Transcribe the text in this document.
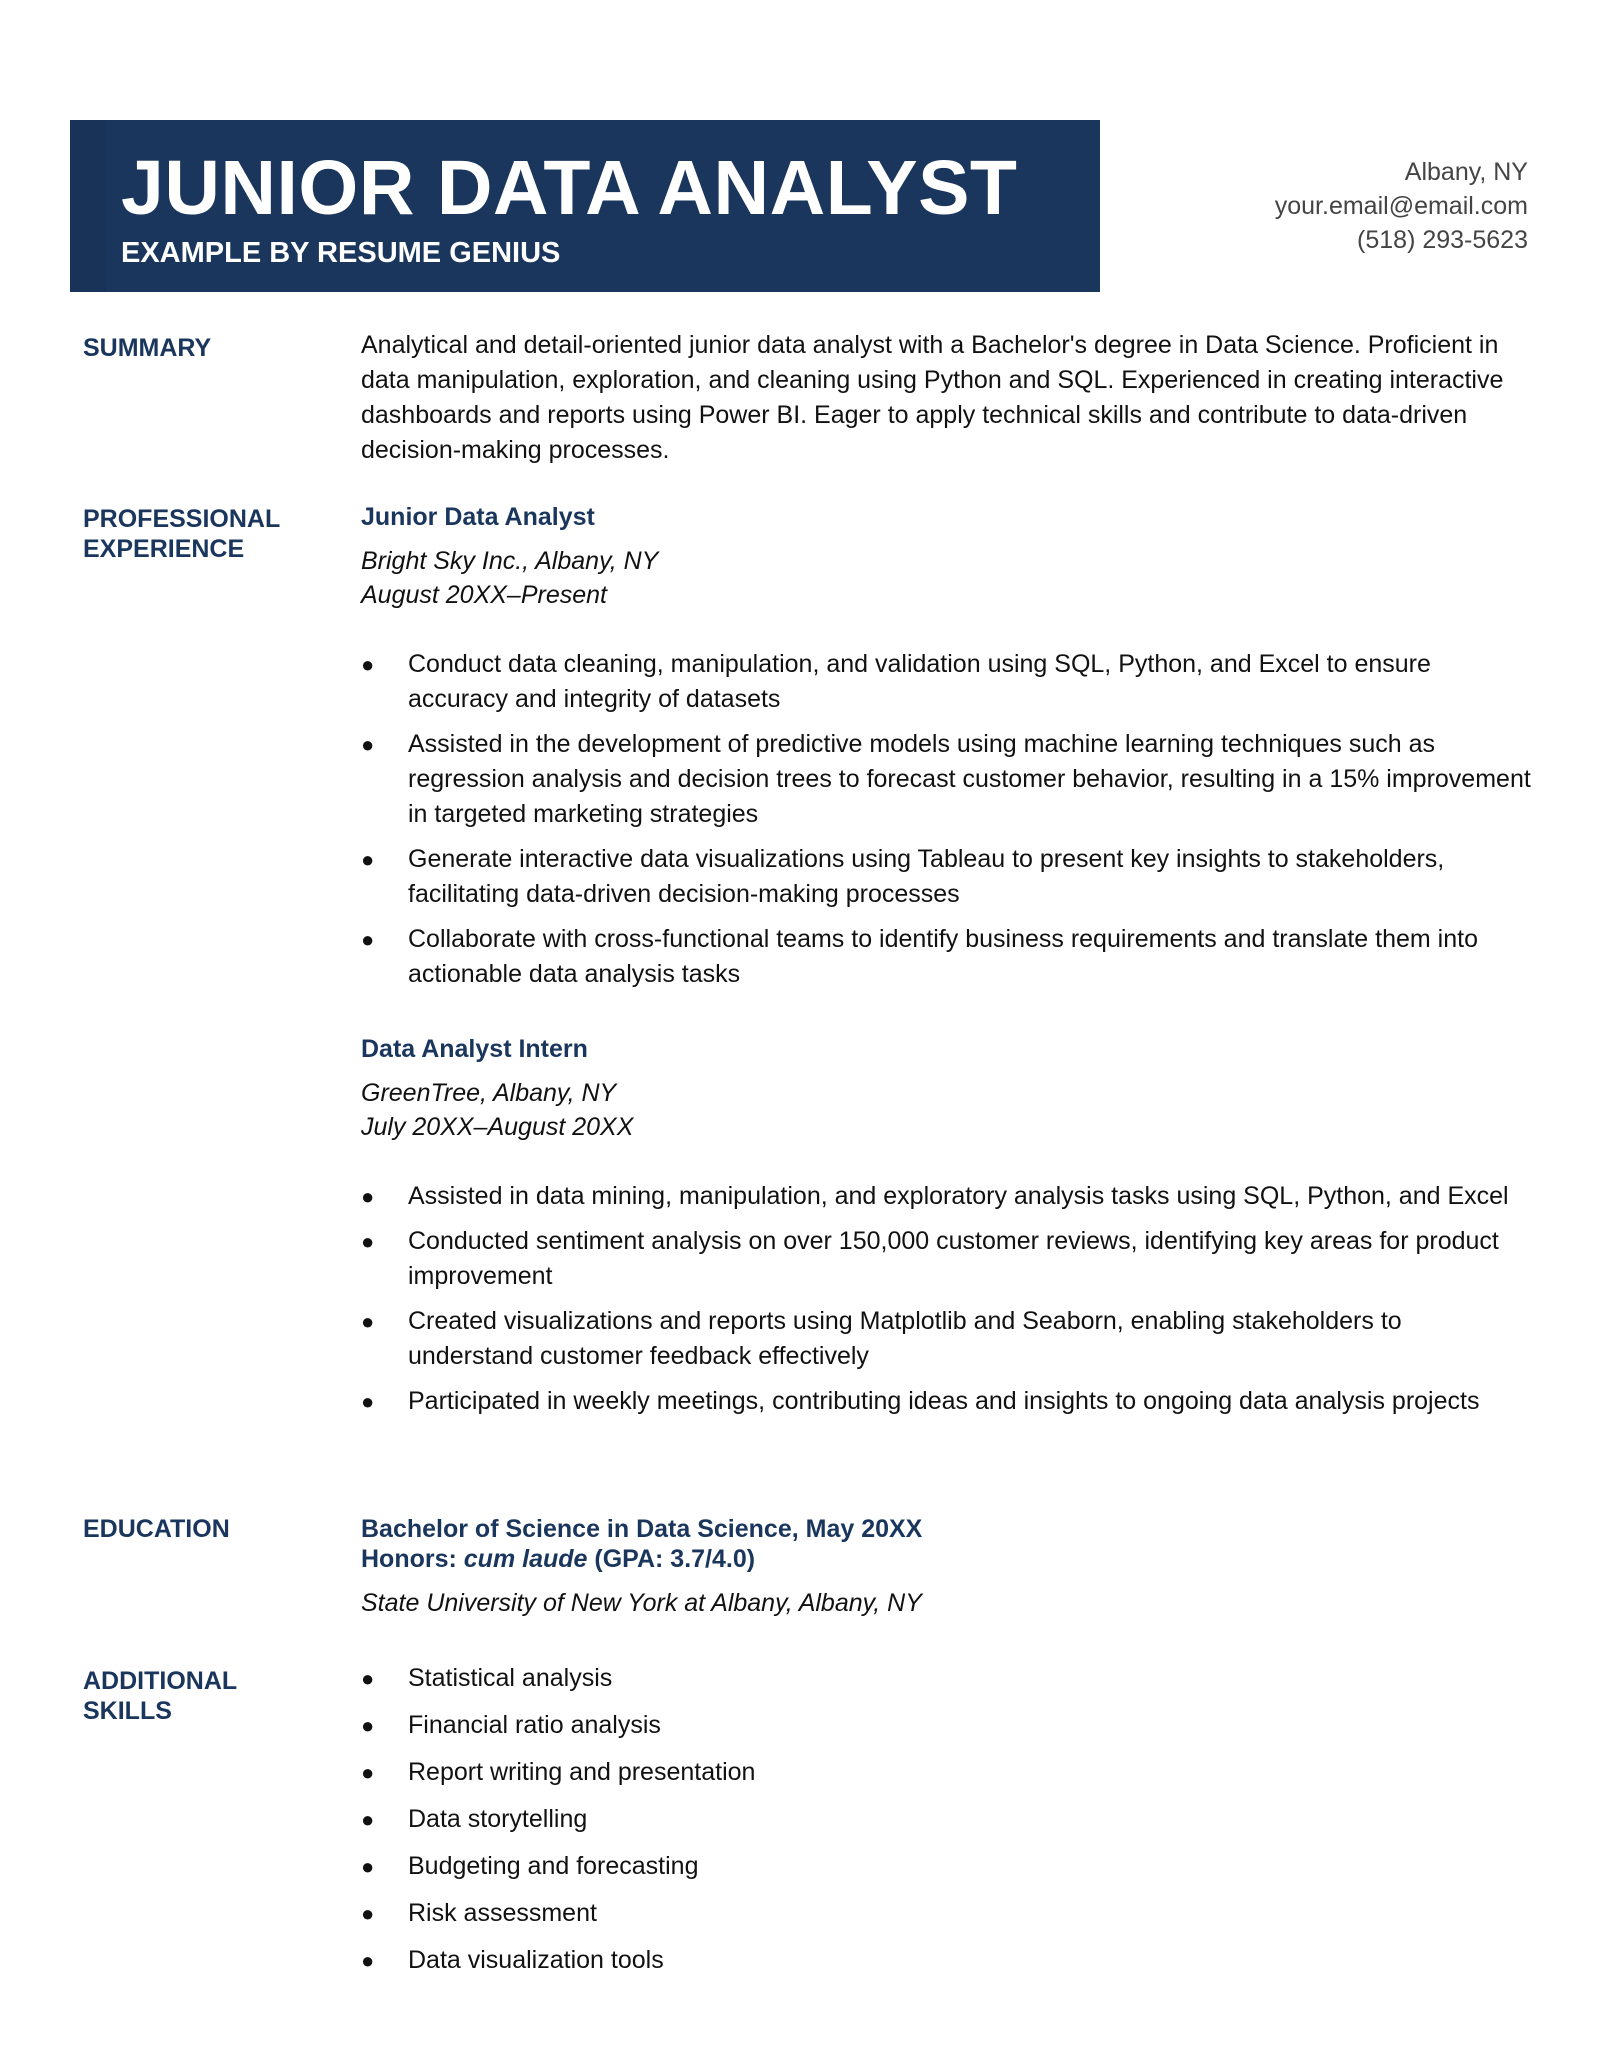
JUNIOR DATA ANALYST
EXAMPLE BY RESUME GENIUS
Albany, NY
your.email@email.com
(518) 293-5623
SUMMARY	Analytical and detail-oriented junior data analyst with a Bachelor's degree in Data Science. Proficient in data manipulation, exploration, and cleaning using Python and SQL. Experienced in creating interactive dashboards and reports using Power BI. Eager to apply technical skills and contribute to data-driven decision-making processes.
PROFESSIONAL
EXPERIENCE
Junior Data Analyst
Bright Sky Inc., Albany, NY
August 20XX–Present
● Conduct data cleaning, manipulation, and validation using SQL, Python, and Excel to ensure accuracy and integrity of datasets
● Assisted in the development of predictive models using machine learning techniques such as regression analysis and decision trees to forecast customer behavior, resulting in a 15% improvement in targeted marketing strategies
● Generate interactive data visualizations using Tableau to present key insights to stakeholders, facilitating data-driven decision-making processes
● Collaborate with cross-functional teams to identify business requirements and translate them into actionable data analysis tasks
Data Analyst Intern
GreenTree, Albany, NY
July 20XX–August 20XX
● Assisted in data mining, manipulation, and exploratory analysis tasks using SQL, Python, and Excel
● Conducted sentiment analysis on over 150,000 customer reviews, identifying key areas for product improvement
● Created visualizations and reports using Matplotlib and Seaborn, enabling stakeholders to understand customer feedback effectively
● Participated in weekly meetings, contributing ideas and insights to ongoing data analysis projects
EDUCATION	Bachelor of Science in Data Science, May 20XX
Honors: cum laude (GPA: 3.7/4.0)
State University of New York at Albany, Albany, NY
ADDITIONAL
SKILLS
● Statistical analysis
● Financial ratio analysis
● Report writing and presentation
● Data storytelling
● Budgeting and forecasting
● Risk assessment
● Data visualization tools
